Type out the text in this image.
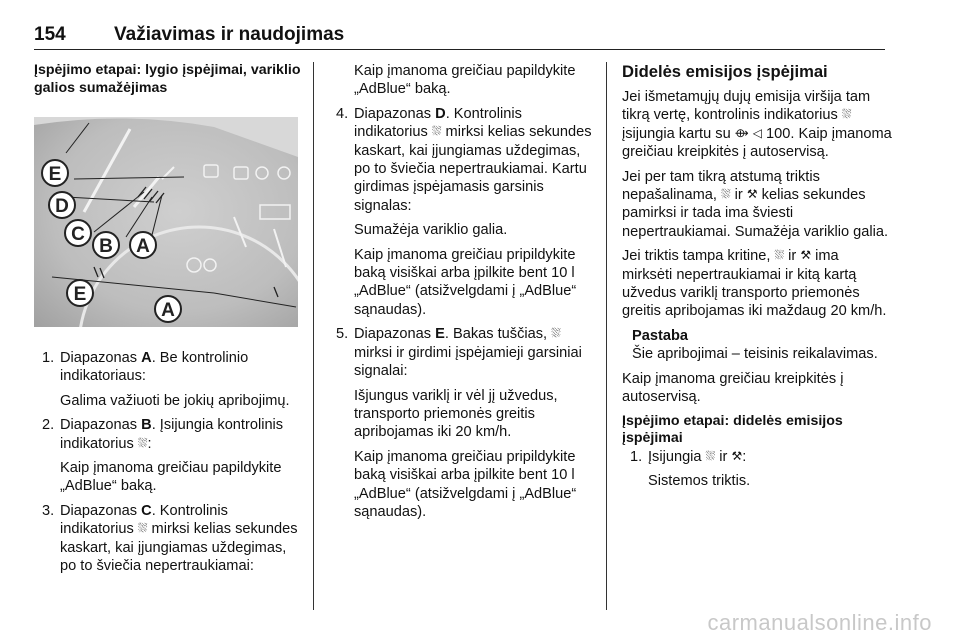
154	Važiavimas ir naudojimas
Įspėjimo etapai: lygio įspėjimai, variklio galios sumažėjimas
E
D
C
B A
E
A
1. Diapazonas A. Be kontrolinio indikatoriaus:
Galima važiuoti be jokių apribojimų.
2. Diapazonas B. Įsijungia kontrolinis indikatorius ⛆:
Kaip įmanoma greičiau papildykite „AdBlue“ baką.
3. Diapazonas C. Kontrolinis indikatorius ⛆ mirksi kelias sekundes kaskart, kai įjungiamas uždegimas, po to šviečia nepertraukiamai:
Kaip įmanoma greičiau papildykite „AdBlue“ baką.
4. Diapazonas D. Kontrolinis indikatorius ⛆ mirksi kelias sekundes kaskart, kai įjungiamas uždegimas, po to šviečia nepertraukiamai. Kartu girdimas įspėjamasis garsinis signalas:
Sumažėja variklio galia.
Kaip įmanoma greičiau pripildykite baką visiškai arba įpilkite bent 10 l „AdBlue“ (atsižvelgdami į „AdBlue“ sąnaudas).
5. Diapazonas E. Bakas tuščias, ⛆ mirksi ir girdimi įspėjamieji garsiniai signalai:
Išjungus variklį ir vėl jį užvedus, transporto priemonės greitis apribojamas iki 20 km/h.
Kaip įmanoma greičiau pripildykite baką visiškai arba įpilkite bent 10 l „AdBlue“ (atsižvelgdami į „AdBlue“ sąnaudas).
Didelės emisijos įspėjimai

Jei išmetamųjų dujų emisija viršija tam tikrą vertę, kontrolinis indikatorius ⛆ įsijungia kartu su ⟴ ◁ 100. Kaip įmanoma greičiau kreipkitės į autoservisą.

Jei per tam tikrą atstumą triktis nepašalinama, ⛆ ir ⚒ kelias sekundes pamirksi ir tada ima šviesti nepertraukiamai. Sumažėja variklio galia.

Jei triktis tampa kritine, ⛆ ir ⚒ ima mirksėti nepertraukiamai ir kitą kartą užvedus variklį transporto priemonės greitis apribojamas iki maždaug 20 km/h.

Pastaba
Šie apribojimai – teisinis reikalavimas.

Kaip įmanoma greičiau kreipkitės į autoservisą.

Įspėjimo etapai: didelės emisijos įspėjimai
1. Įsijungia ⛆ ir ⚒:
Sistemos triktis.
carmanualsonline.info
